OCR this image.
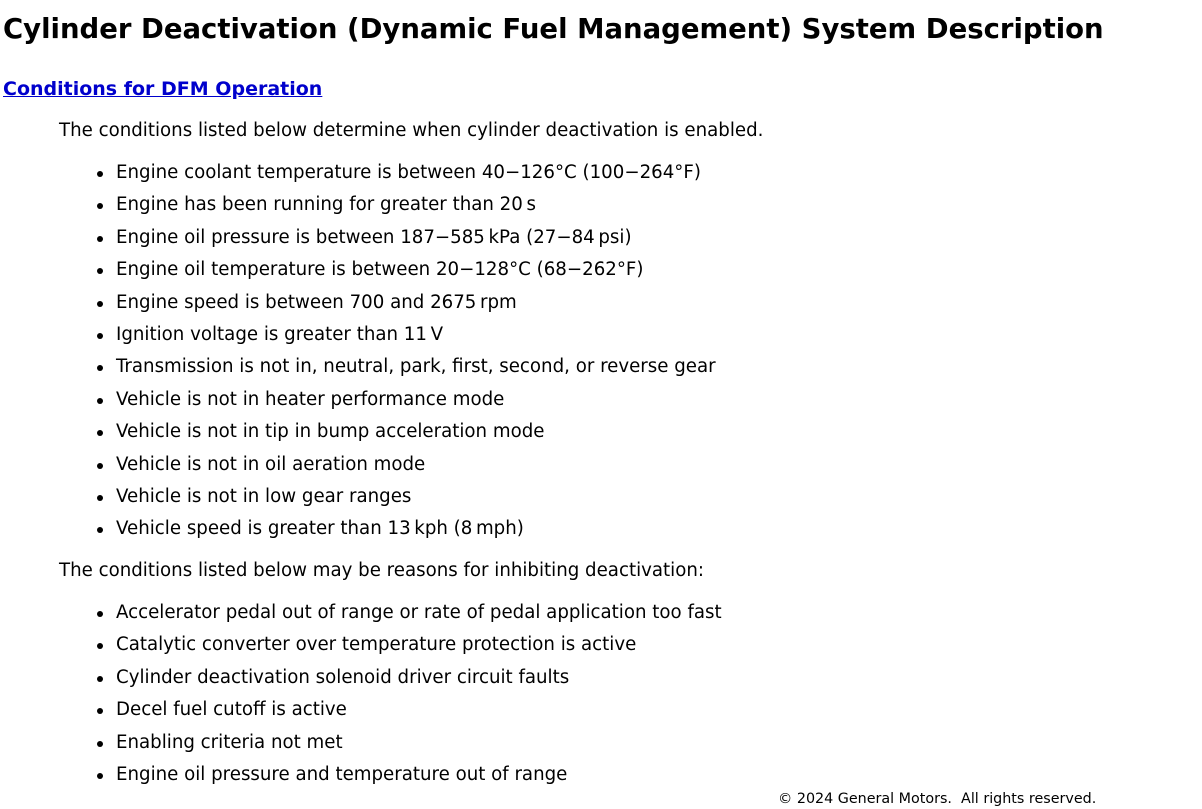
Cylinder Deactivation (Dynamic Fuel Management) System Description
Conditions for DFM Operation

The conditions listed below determine when cylinder deactivation is enabled.

Engine coolant temperature is between 40−126°C (100−264°F)
Engine has been running for greater than 20 s
Engine oil pressure is between 187−585 kPa (27−84 psi)
Engine oil temperature is between 20−128°C (68−262°F)
Engine speed is between 700 and 2675 rpm
Ignition voltage is greater than 11 V
Transmission is not in, neutral, park, first, second, or reverse gear
Vehicle is not in heater performance mode
Vehicle is not in tip in bump acceleration mode
Vehicle is not in oil aeration mode
Vehicle is not in low gear ranges
Vehicle speed is greater than 13 kph (8 mph)

The conditions listed below may be reasons for inhibiting deactivation:

Accelerator pedal out of range or rate of pedal application too fast
Catalytic converter over temperature protection is active
Cylinder deactivation solenoid driver circuit faults
Decel fuel cutoff is active
Enabling criteria not met
Engine oil pressure and temperature out of range
© 2024 General Motors.  All rights reserved.
